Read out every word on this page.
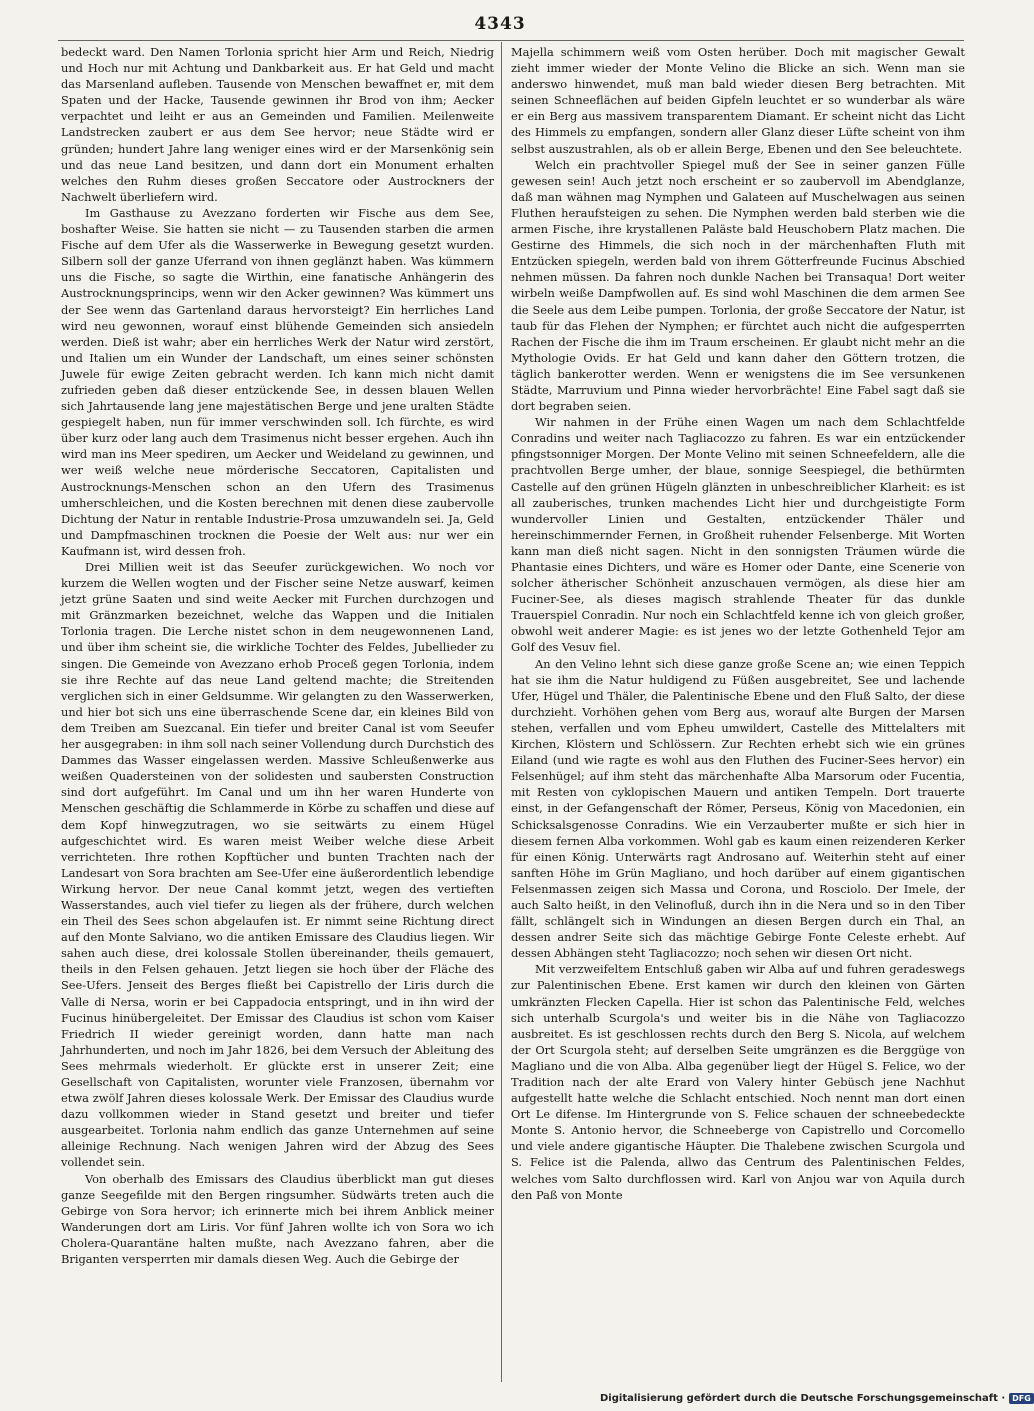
4343

bedeckt ward. Den Namen Torlonia spricht hier Arm und Reich, Niedrig und Hoch nur mit Achtung und Dankbarkeit aus. Er hat Geld und macht das Marsenland aufleben. Tausende von Menschen bewaffnet er, mit dem Spaten und der Hacke, Tausende gewinnen ihr Brod von ihm; Aecker verpachtet und leiht er aus an Gemeinden und Familien. Meilenweite Landstrecken zaubert er aus dem See hervor; neue Städte wird er gründen; hundert Jahre lang weniger eines wird er der Marsenkönig sein und das neue Land besitzen, und dann dort ein Monument erhalten welches den Ruhm dieses großen Seccatore oder Austrockners der Nachwelt überliefern wird.

Im Gasthause zu Avezzano forderten wir Fische aus dem See, boshafter Weise. Sie hatten sie nicht — zu Tausenden starben die armen Fische auf dem Ufer als die Wasserwerke in Bewegung gesetzt wurden. Silbern soll der ganze Uferrand von ihnen geglänzt haben. Was kümmern uns die Fische, so sagte die Wirthin, eine fanatische Anhängerin des Austrocknungsprincips, wenn wir den Acker gewinnen? Was kümmert uns der See wenn das Gartenland daraus hervorsteigt? Ein herrliches Land wird neu gewonnen, worauf einst blühende Gemeinden sich ansiedeln werden. Dieß ist wahr; aber ein herrliches Werk der Natur wird zerstört, und Italien um ein Wunder der Landschaft, um eines seiner schönsten Juwele für ewige Zeiten gebracht werden. Ich kann mich nicht damit zufrieden geben daß dieser entzückende See, in dessen blauen Wellen sich Jahrtausende lang jene majestätischen Berge und jene uralten Städte gespiegelt haben, nun für immer verschwinden soll. Ich fürchte, es wird über kurz oder lang auch dem Trasimenus nicht besser ergehen. Auch ihn wird man ins Meer spediren, um Aecker und Weideland zu gewinnen, und wer weiß welche neue mörderische Seccatoren, Capitalisten und Austrocknungs-Menschen schon an den Ufern des Trasimenus umherschleichen, und die Kosten berechnen mit denen diese zaubervolle Dichtung der Natur in rentable Industrie-Prosa umzuwandeln sei. Ja, Geld und Dampfmaschinen trocknen die Poesie der Welt aus: nur wer ein Kaufmann ist, wird dessen froh.

Drei Millien weit ist das Seeufer zurückgewichen. Wo noch vor kurzem die Wellen wogten und der Fischer seine Netze auswarf, keimen jetzt grüne Saaten und sind weite Aecker mit Furchen durchzogen und mit Gränzmarken bezeichnet, welche das Wappen und die Initialen Torlonia tragen. Die Lerche nistet schon in dem neugewonnenen Land, und über ihm scheint sie, die wirkliche Tochter des Feldes, Jubellieder zu singen. Die Gemeinde von Avezzano erhob Proceß gegen Torlonia, indem sie ihre Rechte auf das neue Land geltend machte; die Streitenden verglichen sich in einer Geldsumme. Wir gelangten zu den Wasserwerken, und hier bot sich uns eine überraschende Scene dar, ein kleines Bild von dem Treiben am Suezcanal. Ein tiefer und breiter Canal ist vom Seeufer her ausgegraben: in ihm soll nach seiner Vollendung durch Durchstich des Dammes das Wasser eingelassen werden. Massive Schleußenwerke aus weißen Quadersteinen von der solidesten und saubersten Construction sind dort aufgeführt. Im Canal und um ihn her waren Hunderte von Menschen geschäftig die Schlammerde in Körbe zu schaffen und diese auf dem Kopf hinwegzutragen, wo sie seitwärts zu einem Hügel aufgeschichtet wird. Es waren meist Weiber welche diese Arbeit verrichteten. Ihre rothen Kopftücher und bunten Trachten nach der Landesart von Sora brachten am See-Ufer eine äußerordentlich lebendige Wirkung hervor. Der neue Canal kommt jetzt, wegen des vertieften Wasserstandes, auch viel tiefer zu liegen als der frühere, durch welchen ein Theil des Sees schon abgelaufen ist. Er nimmt seine Richtung direct auf den Monte Salviano, wo die antiken Emissare des Claudius liegen. Wir sahen auch diese, drei kolossale Stollen übereinander, theils gemauert, theils in den Felsen gehauen. Jetzt liegen sie hoch über der Fläche des See-Ufers. Jenseit des Berges fließt bei Capistrello der Liris durch die Valle di Nersa, worin er bei Cappadocia entspringt, und in ihn wird der Fucinus hinübergeleitet. Der Emissar des Claudius ist schon vom Kaiser Friedrich II wieder gereinigt worden, dann hatte man nach Jahrhunderten, und noch im Jahr 1826, bei dem Versuch der Ableitung des Sees mehrmals wiederholt. Er glückte erst in unserer Zeit; eine Gesellschaft von Capitalisten, worunter viele Franzosen, übernahm vor etwa zwölf Jahren dieses kolossale Werk. Der Emissar des Claudius wurde dazu vollkommen wieder in Stand gesetzt und breiter und tiefer ausgearbeitet. Torlonia nahm endlich das ganze Unternehmen auf seine alleinige Rechnung. Nach wenigen Jahren wird der Abzug des Sees vollendet sein.

Von oberhalb des Emissars des Claudius überblickt man gut dieses ganze Seegefilde mit den Bergen ringsumher. Südwärts treten auch die Gebirge von Sora hervor; ich erinnerte mich bei ihrem Anblick meiner Wanderungen dort am Liris. Vor fünf Jahren wollte ich von Sora wo ich Cholera-Quarantäne halten mußte, nach Avezzano fahren, aber die Briganten versperrten mir damals diesen Weg. Auch die Gebirge der

Majella schimmern weiß vom Osten herüber. Doch mit magischer Gewalt zieht immer wieder der Monte Velino die Blicke an sich. Wenn man sie anderswo hinwendet, muß man bald wieder diesen Berg betrachten. Mit seinen Schneeflächen auf beiden Gipfeln leuchtet er so wunderbar als wäre er ein Berg aus massivem transparentem Diamant. Er scheint nicht das Licht des Himmels zu empfangen, sondern aller Glanz dieser Lüfte scheint von ihm selbst auszustrahlen, als ob er allein Berge, Ebenen und den See beleuchtete.

Welch ein prachtvoller Spiegel muß der See in seiner ganzen Fülle gewesen sein! Auch jetzt noch erscheint er so zaubervoll im Abendglanze, daß man wähnen mag Nymphen und Galateen auf Muschelwagen aus seinen Fluthen heraufsteigen zu sehen. Die Nymphen werden bald sterben wie die armen Fische, ihre krystallenen Paläste bald Heuschobern Platz machen. Die Gestirne des Himmels, die sich noch in der märchenhaften Fluth mit Entzücken spiegeln, werden bald von ihrem Götterfreunde Fucinus Abschied nehmen müssen. Da fahren noch dunkle Nachen bei Transaqua! Dort weiter wirbeln weiße Dampfwollen auf. Es sind wohl Maschinen die dem armen See die Seele aus dem Leibe pumpen. Torlonia, der große Seccatore der Natur, ist taub für das Flehen der Nymphen; er fürchtet auch nicht die aufgesperrten Rachen der Fische die ihm im Traum erscheinen. Er glaubt nicht mehr an die Mythologie Ovids. Er hat Geld und kann daher den Göttern trotzen, die täglich bankerotter werden. Wenn er wenigstens die im See versunkenen Städte, Marruvium und Pinna wieder hervorbrächte! Eine Fabel sagt daß sie dort begraben seien.

Wir nahmen in der Frühe einen Wagen um nach dem Schlachtfelde Conradins und weiter nach Tagliacozzo zu fahren. Es war ein entzückender pfingstsonniger Morgen. Der Monte Velino mit seinen Schneefeldern, alle die prachtvollen Berge umher, der blaue, sonnige Seespiegel, die bethürmten Castelle auf den grünen Hügeln glänzten in unbeschreiblicher Klarheit: es ist all zauberisches, trunken machendes Licht hier und durchgeistigte Form wundervoller Linien und Gestalten, entzückender Thäler und hereinschimmernder Fernen, in Großheit ruhender Felsenberge. Mit Worten kann man dieß nicht sagen. Nicht in den sonnigsten Träumen würde die Phantasie eines Dichters, und wäre es Homer oder Dante, eine Scenerie von solcher ätherischer Schönheit anzuschauen vermögen, als diese hier am Fuciner-See, als dieses magisch strahlende Theater für das dunkle Trauerspiel Conradin. Nur noch ein Schlachtfeld kenne ich von gleich großer, obwohl weit anderer Magie: es ist jenes wo der letzte Gothenheld Tejor am Golf des Vesuv fiel.

An den Velino lehnt sich diese ganze große Scene an; wie einen Teppich hat sie ihm die Natur huldigend zu Füßen ausgebreitet, See und lachende Ufer, Hügel und Thäler, die Palentinische Ebene und den Fluß Salto, der diese durchzieht. Vorhöhen gehen vom Berg aus, worauf alte Burgen der Marsen stehen, verfallen und vom Epheu umwildert, Castelle des Mittelalters mit Kirchen, Klöstern und Schlössern. Zur Rechten erhebt sich wie ein grünes Eiland (und wie ragte es wohl aus den Fluthen des Fuciner-Sees hervor) ein Felsenhügel; auf ihm steht das märchenhafte Alba Marsorum oder Fucentia, mit Resten von cyklopischen Mauern und antiken Tempeln. Dort trauerte einst, in der Gefangenschaft der Römer, Perseus, König von Macedonien, ein Schicksalsgenosse Conradins. Wie ein Verzauberter mußte er sich hier in diesem fernen Alba vorkommen. Wohl gab es kaum einen reizenderen Kerker für einen König. Unterwärts ragt Androsano auf. Weiterhin steht auf einer sanften Höhe im Grün Magliano, und hoch darüber auf einem gigantischen Felsenmassen zeigen sich Massa und Corona, und Rosciolo. Der Imele, der auch Salto heißt, in den Velinofluß, durch ihn in die Nera und so in den Tiber fällt, schlängelt sich in Windungen an diesen Bergen durch ein Thal, an dessen andrer Seite sich das mächtige Gebirge Fonte Celeste erhebt. Auf dessen Abhängen steht Tagliacozzo; noch sehen wir diesen Ort nicht.

Mit verzweifeltem Entschluß gaben wir Alba auf und fuhren geradeswegs zur Palentinischen Ebene. Erst kamen wir durch den kleinen von Gärten umkränzten Flecken Capella. Hier ist schon das Palentinische Feld, welches sich unterhalb Scurgola's und weiter bis in die Nähe von Tagliacozzo ausbreitet. Es ist geschlossen rechts durch den Berg S. Nicola, auf welchem der Ort Scurgola steht; auf derselben Seite umgränzen es die Berggüge von Magliano und die von Alba. Alba gegenüber liegt der Hügel S. Felice, wo der Tradition nach der alte Erard von Valery hinter Gebüsch jene Nachhut aufgestellt hatte welche die Schlacht entschied. Noch nennt man dort einen Ort Le difense. Im Hintergrunde von S. Felice schauen der schneebedeckte Monte S. Antonio hervor, die Schneeberge von Capistrello und Corcomello und viele andere gigantische Häupter. Die Thalebene zwischen Scurgola und S. Felice ist die Palenda, allwo das Centrum des Palentinischen Feldes, welches vom Salto durchflossen wird. Karl von Anjou war von Aquila durch den Paß von Monte

Digitalisierung gefördert durch die Deutsche Forschungsgemeinschaft · DFG
